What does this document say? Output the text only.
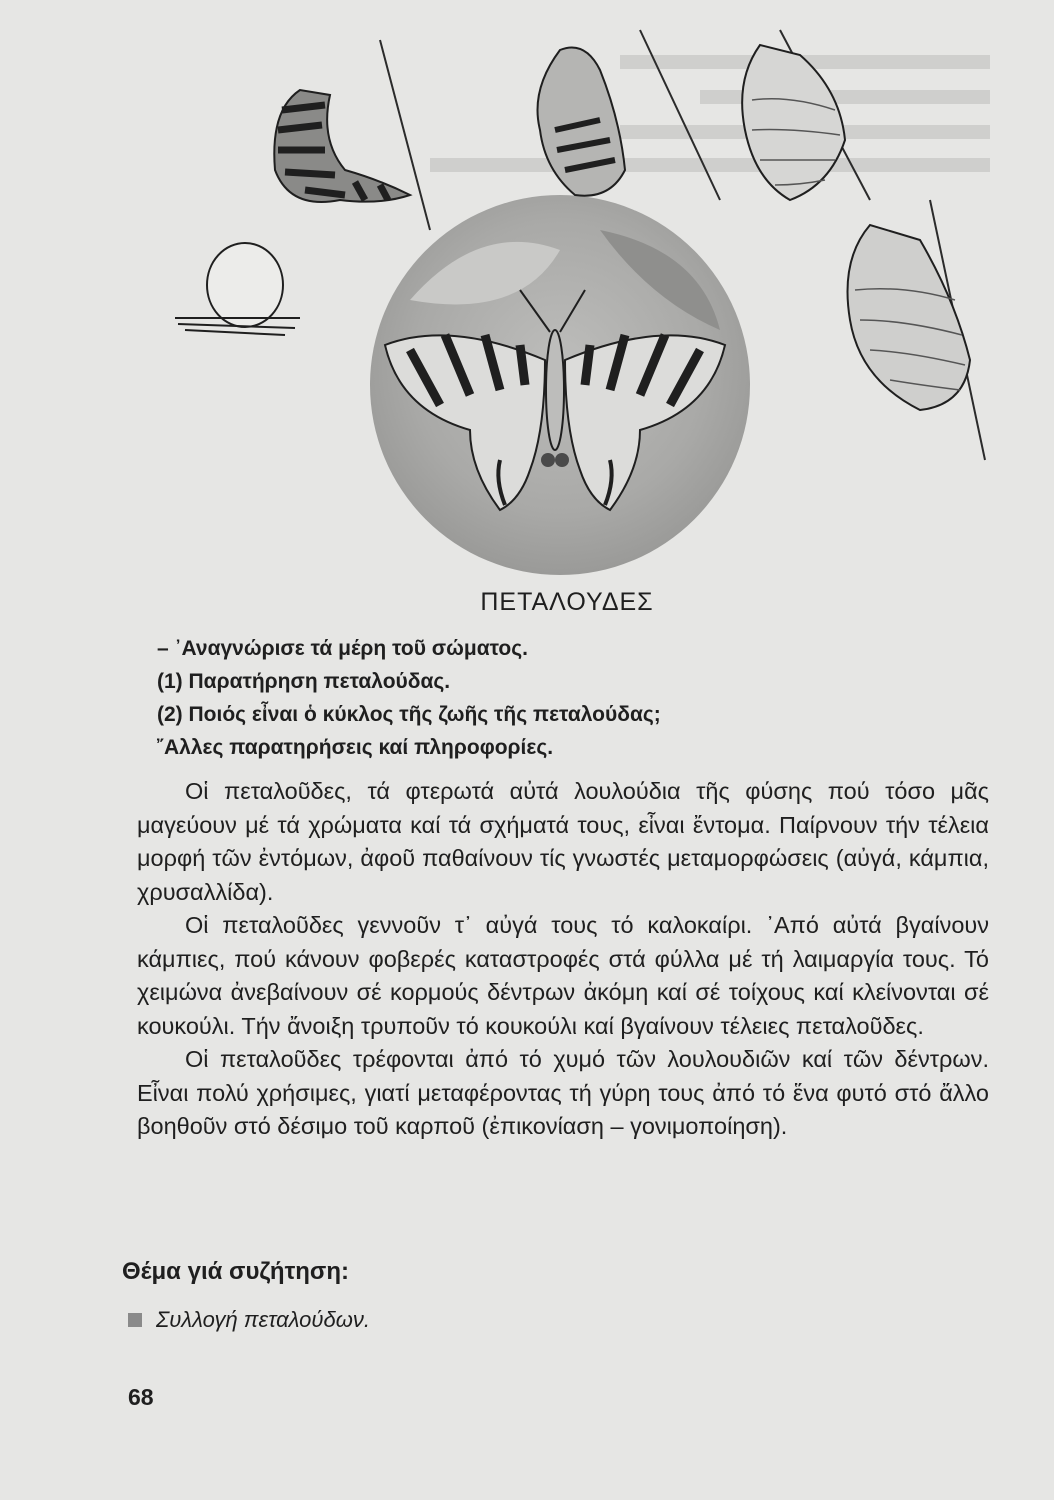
ΠΕΤΑΛΟΥΔΕΣ
– ᾿Αναγνώρισε τά μέρη τοῦ σώματος.
(1) Παρατήρηση πεταλούδας.
(2) Ποιός εἶναι ὁ κύκλος τῆς ζωῆς τῆς πεταλούδας;
῎Αλλες παρατηρήσεις καί πληροφορίες.

Οἱ πεταλοῦδες, τά φτερωτά αὐτά λουλούδια τῆς φύσης πού τόσο μᾶς μαγεύουν μέ τά χρώματα καί τά σχήματά τους, εἶναι ἔντομα. Παίρνουν τήν τέλεια μορφή τῶν ἐντόμων, ἀφοῦ παθαίνουν τίς γνωστές μεταμορφώσεις (αὐγά, κάμπια, χρυσαλλίδα).

Οἱ πεταλοῦδες γεννοῦν τ᾿ αὐγά τους τό καλοκαίρι. ᾿Από αὐτά βγαίνουν κάμπιες, πού κάνουν φοβερές καταστροφές στά φύλλα μέ τή λαιμαργία τους. Τό χειμώνα ἀνεβαίνουν σέ κορμούς δέντρων ἀκόμη καί σέ τοίχους καί κλείνονται σέ κουκούλι. Τήν ἄνοιξη τρυποῦν τό κουκούλι καί βγαίνουν τέλειες πεταλοῦδες.

Οἱ πεταλοῦδες τρέφονται ἀπό τό χυμό τῶν λουλουδιῶν καί τῶν δέντρων. Εἶναι πολύ χρήσιμες, γιατί μεταφέροντας τή γύρη τους ἀπό τό ἕνα φυτό στό ἄλλο βοηθοῦν στό δέσιμο τοῦ καρποῦ (ἐπικονίαση – γονιμοποίηση).

Θέμα γιά συζήτηση:
Συλλογή πεταλούδων.
68
